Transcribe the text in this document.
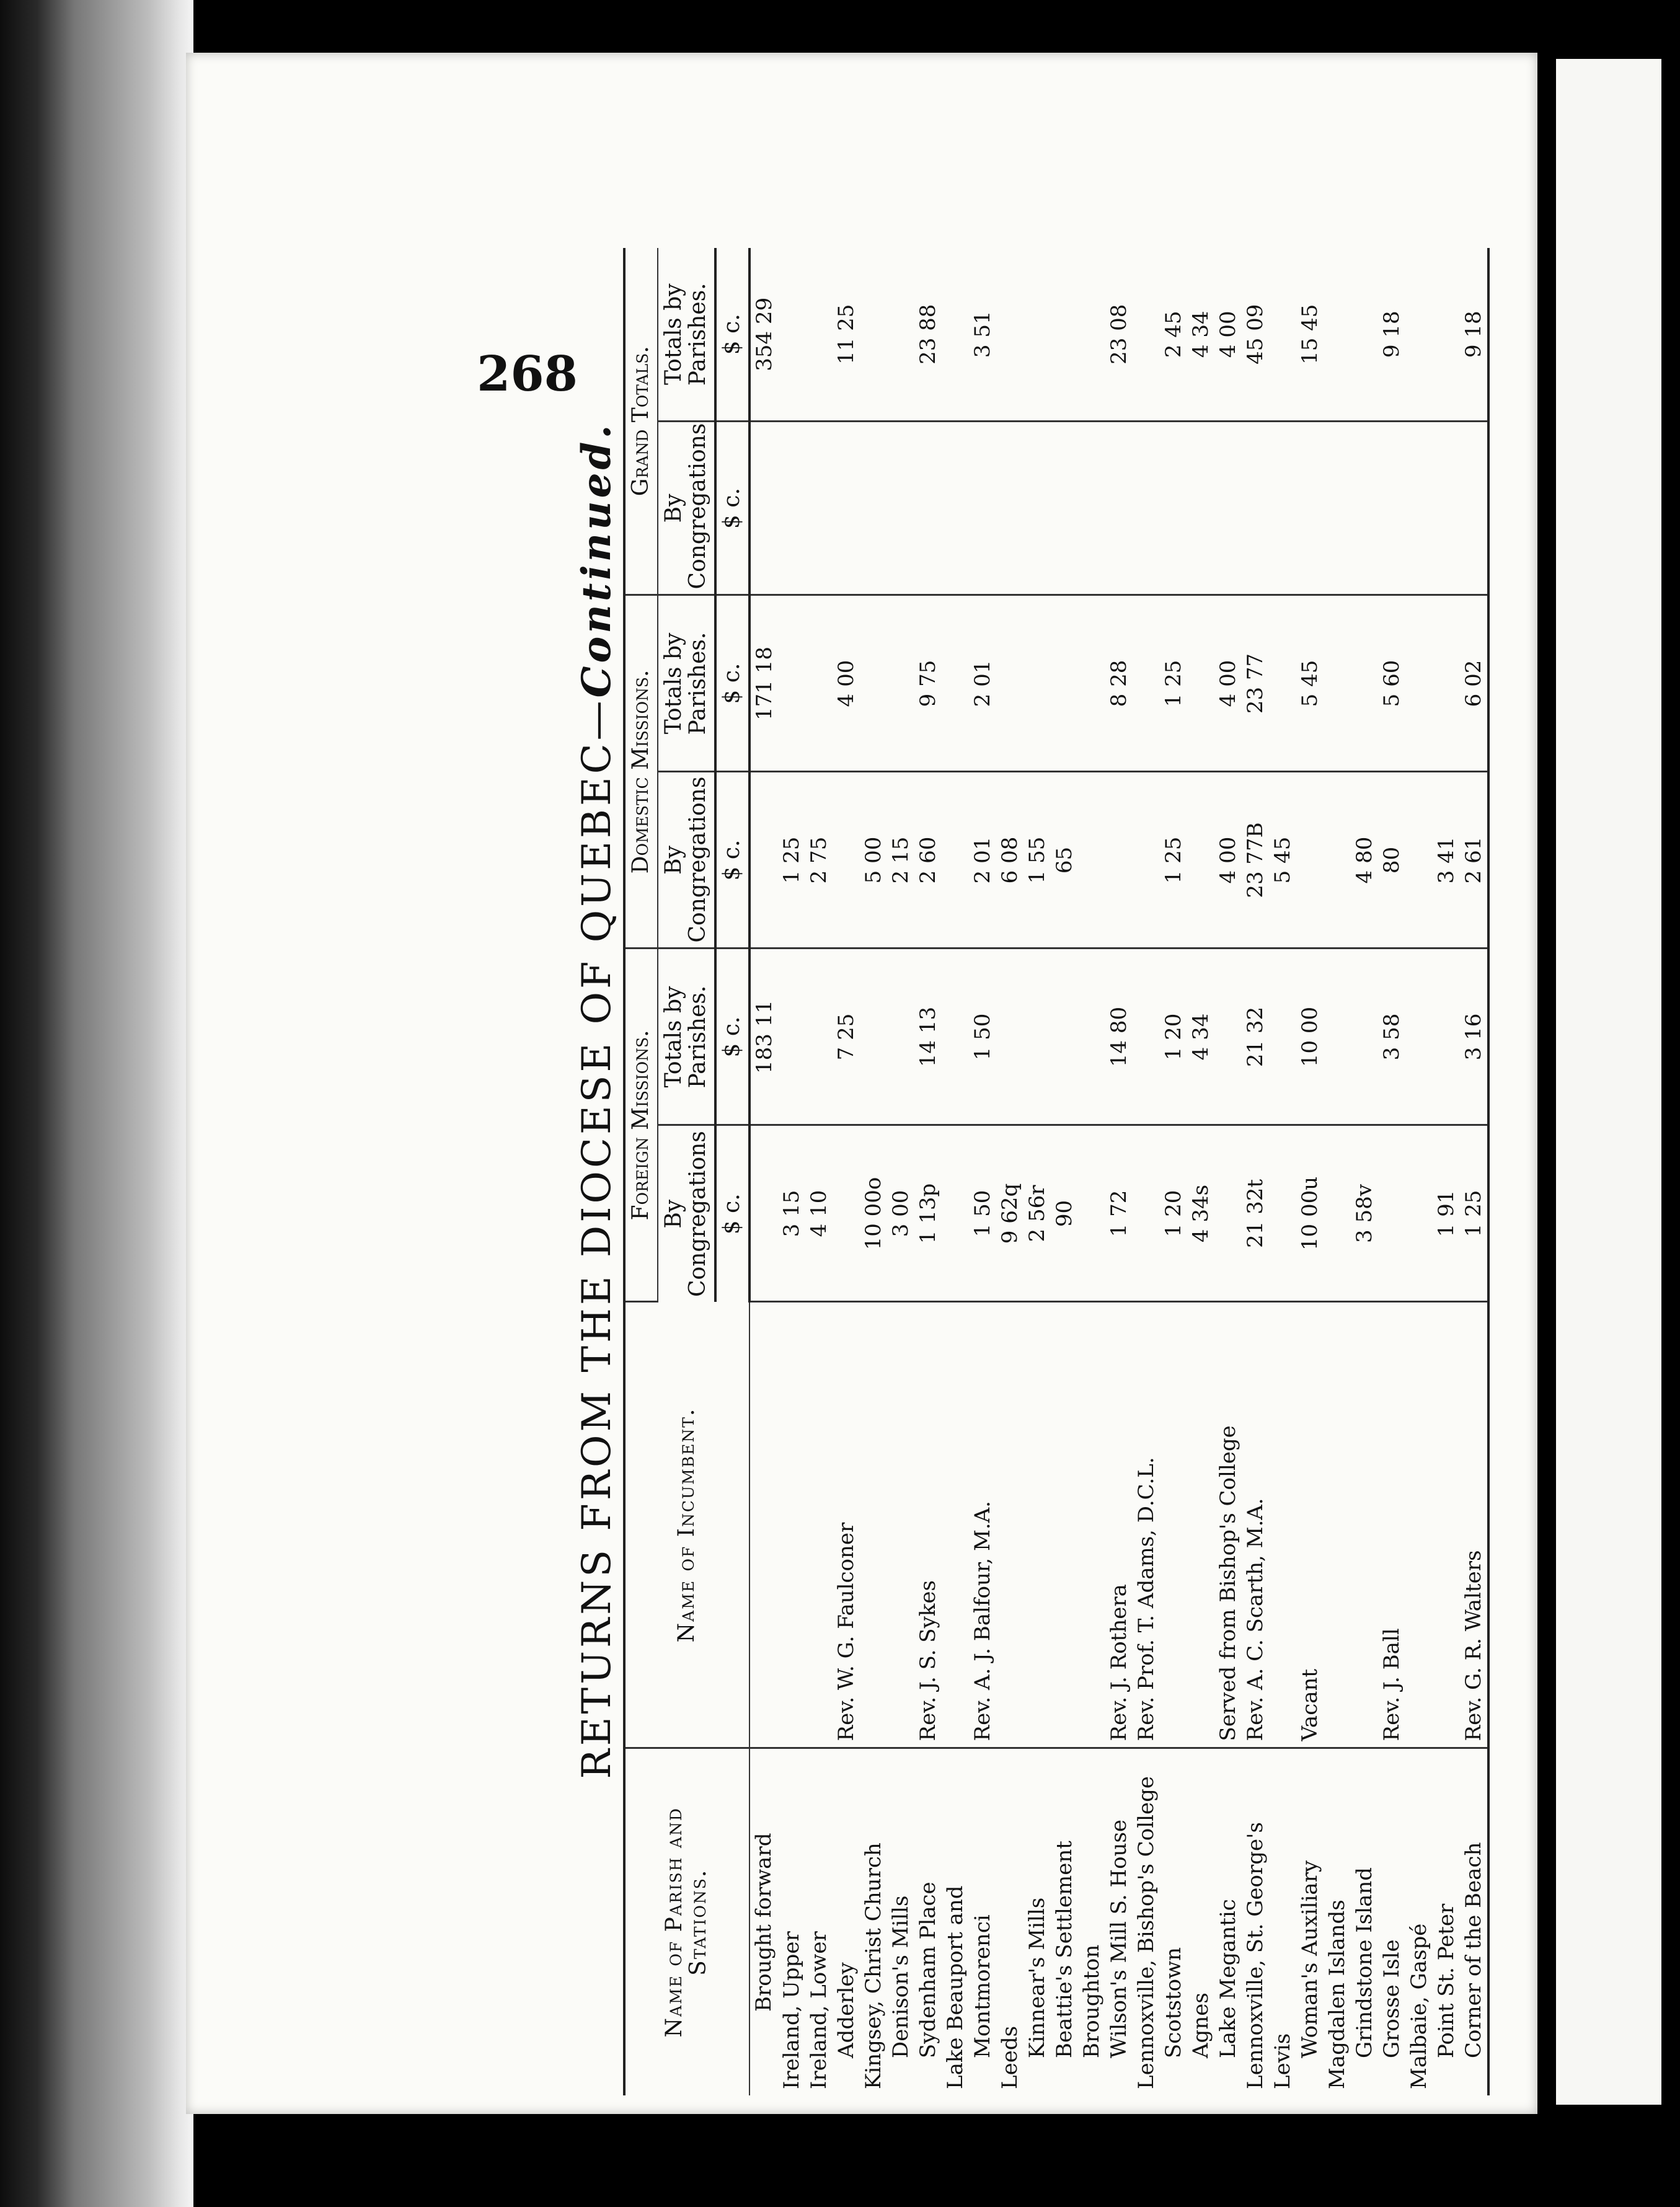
268
RETURNS FROM THE DIOCESE OF QUEBEC—Continued.
Name of Parish and Stations.	Name of Incumbent.	Foreign Missions.		Domestic Missions.		Grand Totals.	
		By Congregations	Totals by Parishes.	By Congregations	Totals by Parishes.	By Congregations	Totals by Parishes.
		$ c.	$ c.	$ c.	$ c.	$ c.	$ c.
Brought forward			183 11		171 18		354 29
Ireland, Upper		3 15		1 25			
Ireland, Lower		4 10		2 75			
Adderley	Rev. W. G. Faulconer		7 25		4 00		11 25
Kingsey, Christ Church		10 00o		5 00			
Denison's Mills		3 00		2 15			
Sydenham Place	Rev. J. S. Sykes	1 13p	14 13	2 60	9 75		23 88
Lake Beauport and							
Montmorenci	Rev. A. J. Balfour, M.A.	1 50	1 50	2 01	2 01		3 51
Leeds		9 62q		6 08			
Kinnear's Mills		2 56r		1 55			
Beattie's Settlement		90		65			
Broughton							
Wilson's Mill S. House	Rev. J. Rothera	1 72	14 80		8 28		23 08
Lennoxville, Bishop's College	Rev. Prof. T. Adams, D.C.L.						
Scotstown		1 20	1 20	1 25	1 25		2 45
Agnes		4 34s	4 34				4 34
Lake Megantic	Served from Bishop's College			4 00	4 00		4 00
Lennoxville, St. George's	Rev. A. C. Scarth, M.A.	21 32t	21 32	23 77B	23 77		45 09
Levis				5 45			
Woman's Auxiliary	Vacant	10 00u	10 00		5 45		15 45
Magdalen Islands							
Grindstone Island		3 58v		4 80			
Grosse Isle	Rev. J. Ball		3 58	80	5 60		9 18
Malbaie, Gaspé							
Point St. Peter		1 91		3 41			
Corner of the Beach	Rev. G. R. Walters	1 25	3 16	2 61	6 02		9 18
